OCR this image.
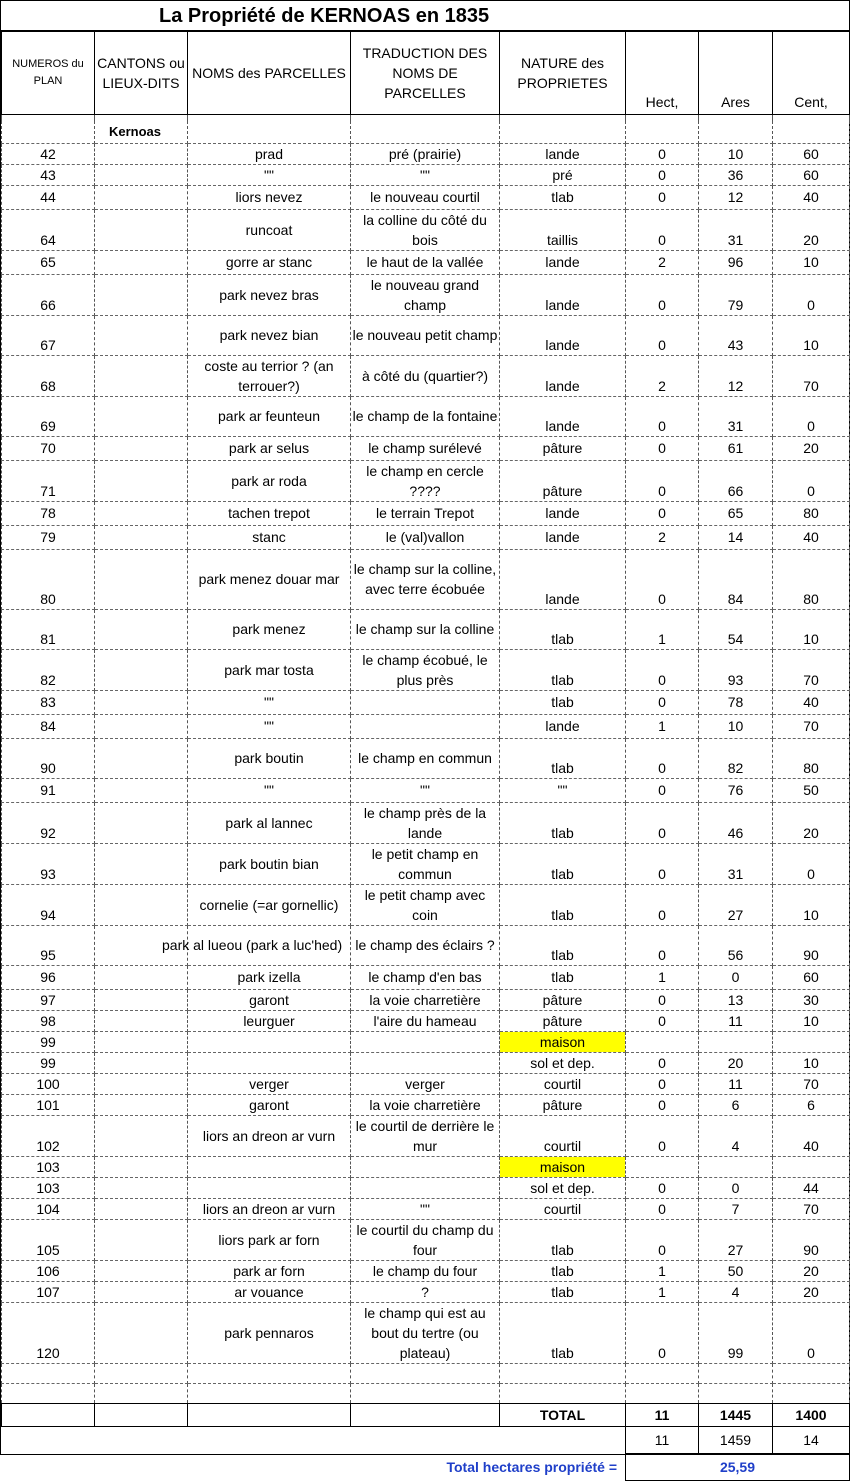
La Propriété de KERNOAS en 1835
NUMEROS du PLAN	CANTONS ou LIEUX-DITS	NOMS des PARCELLES	TRADUCTION DES NOMS DE PARCELLES	NATURE des PROPRIETES	Hect,	Ares	Cent,

	Kernoas						
42		prad	pré (prairie)	lande	0	10	60
43		""	""	pré	0	36	60
44		liors nevez	le nouveau courtil	tlab	0	12	40
64		runcoat	la colline du côté du bois	taillis	0	31	20
65		gorre ar stanc	le haut de la vallée	lande	2	96	10
66		park nevez bras	le nouveau grand champ	lande	0	79	0
67		park nevez bian	le nouveau petit champ	lande	0	43	10
68		coste au terrior ? (an terrouer?)	à côté du (quartier?)	lande	2	12	70
69		park ar feunteun	le champ de la fontaine	lande	0	31	0
70		park ar selus	le champ surélevé	pâture	0	61	20
71		park ar roda	le champ en cercle ????	pâture	0	66	0
78		tachen trepot	le terrain Trepot	lande	0	65	80
79		stanc	le (val)vallon	lande	2	14	40
80		park menez douar mar	le champ sur la colline, avec terre écobuée	lande	0	84	80
81		park menez	le champ sur la colline	tlab	1	54	10
82		park mar tosta	le champ écobué, le plus près	tlab	0	93	70
83		""		tlab	0	78	40
84		""		lande	1	10	70
90		park boutin	le champ en commun	tlab	0	82	80
91		""	""	""	0	76	50
92		park al lannec	le champ près de la lande	tlab	0	46	20
93		park boutin bian	le petit champ en commun	tlab	0	31	0
94		cornelie (=ar gornellic)	le petit champ avec coin	tlab	0	27	10
95		park al lueou (park a luc'hed)	le champ des éclairs ?	tlab	0	56	90
96		park izella	le champ d'en bas	tlab	1	0	60
97		garont	la voie charretière	pâture	0	13	30
98		leurguer	l'aire du hameau	pâture	0	11	10
99				maison			
99				sol et dep.	0	20	10
100		verger	verger	courtil	0	11	70
101		garont	la voie charretière	pâture	0	6	6
102		liors an dreon ar vurn	le courtil de derrière le mur	courtil	0	4	40
103				maison			
103				sol et dep.	0	0	44
104		liors an dreon ar vurn	""	courtil	0	7	70
105		liors park ar forn	le courtil du champ du four	tlab	0	27	90
106		park ar forn	le champ du four	tlab	1	50	20
107		ar vouance	?	tlab	1	4	20
120		park pennaros	le champ qui est au bout du tertre (ou plateau)	tlab	0	99	0

				TOTAL	11	1445	1400
					11	1459	14
		Total hectares propriété =			25,59		
